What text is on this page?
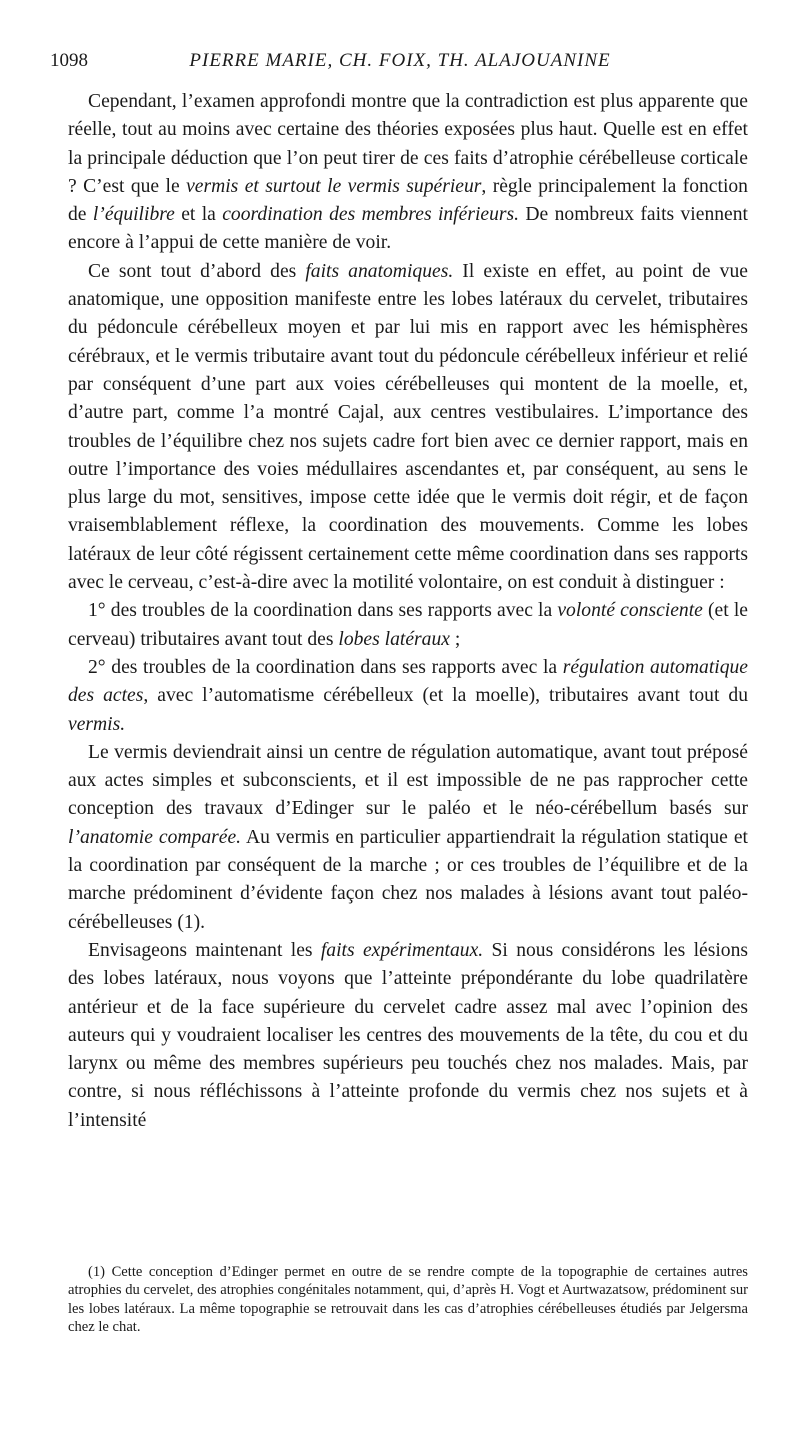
1098	PIERRE MARIE, CH. FOIX, TH. ALAJOUANINE

Cependant, l’examen approfondi montre que la contradiction est plus apparente que réelle, tout au moins avec certaine des théories exposées plus haut. Quelle est en effet la principale déduction que l’on peut tirer de ces faits d’atrophie cérébelleuse corticale ? C’est que le vermis et surtout le vermis supérieur, règle principalement la fonction de l’équilibre et la coordination des membres inférieurs. De nombreux faits viennent encore à l’appui de cette manière de voir.

Ce sont tout d’abord des faits anatomiques. Il existe en effet, au point de vue anatomique, une opposition manifeste entre les lobes latéraux du cervelet, tributaires du pédoncule cérébelleux moyen et par lui mis en rapport avec les hémisphères cérébraux, et le vermis tributaire avant tout du pédoncule cérébelleux inférieur et relié par conséquent d’une part aux voies cérébelleuses qui montent de la moelle, et, d’autre part, comme l’a montré Cajal, aux centres vestibulaires. L’importance des troubles de l’équilibre chez nos sujets cadre fort bien avec ce dernier rapport, mais en outre l’importance des voies médullaires ascendantes et, par conséquent, au sens le plus large du mot, sensitives, impose cette idée que le vermis doit régir, et de façon vraisemblablement réflexe, la coordination des mouvements. Comme les lobes latéraux de leur côté régissent certainement cette même coordination dans ses rapports avec le cerveau, c’est-à-dire avec la motilité volontaire, on est conduit à distinguer :

1° des troubles de la coordination dans ses rapports avec la volonté consciente (et le cerveau) tributaires avant tout des lobes latéraux ;

2° des troubles de la coordination dans ses rapports avec la régulation automatique des actes, avec l’automatisme cérébelleux (et la moelle), tributaires avant tout du vermis.

Le vermis deviendrait ainsi un centre de régulation automatique, avant tout préposé aux actes simples et subconscients, et il est impossible de ne pas rapprocher cette conception des travaux d’Edinger sur le paléo et le néo-cérébellum basés sur l’anatomie comparée. Au vermis en particulier appartiendrait la régulation statique et la coordination par conséquent de la marche ; or ces troubles de l’équilibre et de la marche prédominent d’évidente façon chez nos malades à lésions avant tout paléo-cérébelleuses (1).

Envisageons maintenant les faits expérimentaux. Si nous considérons les lésions des lobes latéraux, nous voyons que l’atteinte prépondérante du lobe quadrilatère antérieur et de la face supérieure du cervelet cadre assez mal avec l’opinion des auteurs qui y voudraient localiser les centres des mouvements de la tête, du cou et du larynx ou même des membres supérieurs peu touchés chez nos malades. Mais, par contre, si nous réfléchissons à l’atteinte profonde du vermis chez nos sujets et à l’intensité

(1) Cette conception d’Edinger permet en outre de se rendre compte de la topographie de certaines autres atrophies du cervelet, des atrophies congénitales notamment, qui, d’après H. Vogt et Aurtwazatsow, prédominent sur les lobes latéraux. La même topographie se retrouvait dans les cas d’atrophies cérébelleuses étudiés par Jelgersma chez le chat.
